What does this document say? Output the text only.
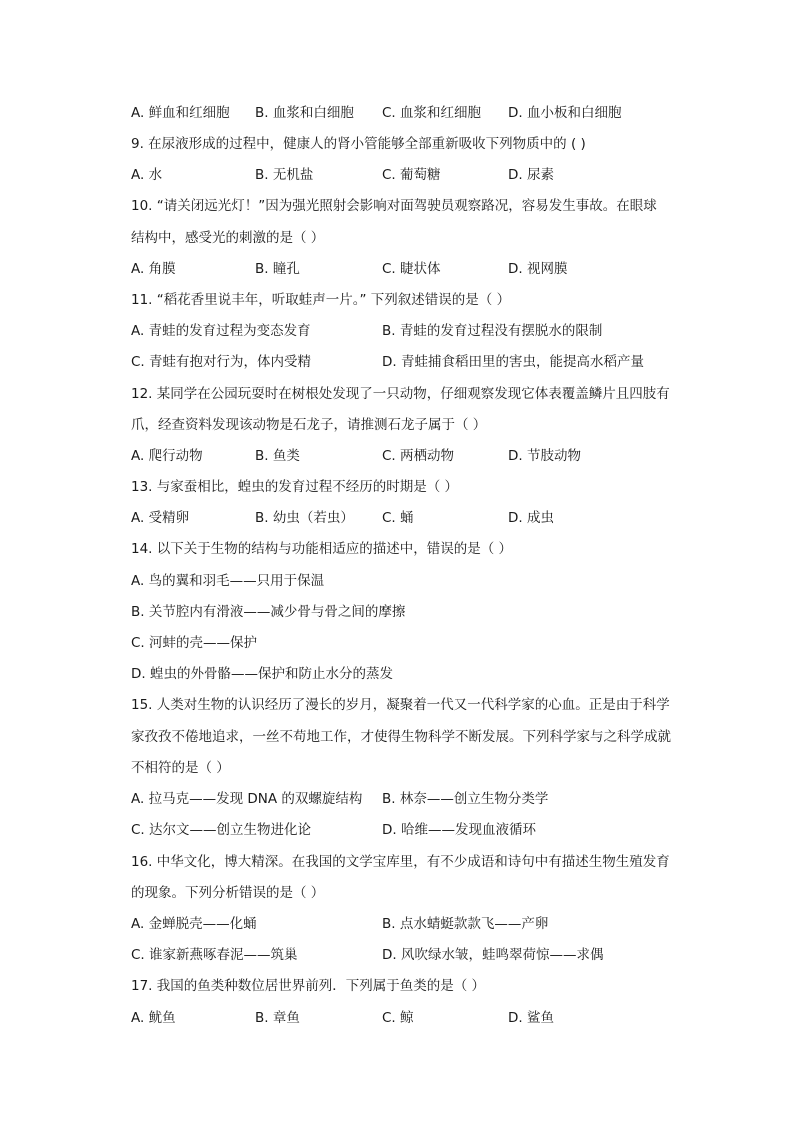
A. 鲜血和红细胞 B. 血浆和白细胞 C. 血浆和红细胞 D. 血小板和白细胞
9. 在尿液形成的过程中，健康人的肾小管能够全部重新吸收下列物质中的 ( )
A. 水	B. 无机盐	C. 葡萄糖	D. 尿素
10. “请关闭远光灯！”因为强光照射会影响对面驾驶员观察路况，容易发生事故。在眼球
结构中，感受光的刺激的是（ ）
A. 角膜	B. 瞳孔	C. 睫状体	D. 视网膜
11. “稻花香里说丰年，听取蛙声一片。” 下列叙述错误的是（ ）
A. 青蛙的发育过程为变态发育	B. 青蛙的发育过程没有摆脱水的限制
C. 青蛙有抱对行为，体内受精	D. 青蛙捕食稻田里的害虫，能提高水稻产量
12. 某同学在公园玩耍时在树根处发现了一只动物，仔细观察发现它体表覆盖鳞片且四肢有
爪，经查资料发现该动物是石龙子，请推测石龙子属于（ ）
A. 爬行动物	B. 鱼类	C. 两栖动物	D. 节肢动物
13. 与家蚕相比，蝗虫的发育过程不经历的时期是（ ）
A. 受精卵	B. 幼虫（若虫） C. 蛹	D. 成虫
14. 以下关于生物的结构与功能相适应的描述中，错误的是（ ）
A. 鸟的翼和羽毛——只用于保温
B. 关节腔内有滑液——减少骨与骨之间的摩擦
C. 河蚌的壳——保护
D. 蝗虫的外骨骼——保护和防止水分的蒸发
15. 人类对生物的认识经历了漫长的岁月，凝聚着一代又一代科学家的心血。正是由于科学
家孜孜不倦地追求，一丝不苟地工作，才使得生物科学不断发展。下列科学家与之科学成就
不相符的是（ ）
A. 拉马克——发现 DNA 的双螺旋结构 B. 林奈——创立生物分类学
C. 达尔文——创立生物进化论	D. 哈维——发现血液循环
16. 中华文化，博大精深。在我国的文学宝库里，有不少成语和诗句中有描述生物生殖发育
的现象。下列分析错误的是（ ）
A. 金蝉脱壳——化蛹	B. 点水蜻蜓款款飞——产卵
C. 谁家新燕啄春泥——筑巢	D. 风吹绿水皱，蛙鸣翠荷惊——求偶
17. 我国的鱼类种数位居世界前列．下列属于鱼类的是（ ）
A. 鱿鱼	B. 章鱼	C. 鲸	D. 鲨鱼
